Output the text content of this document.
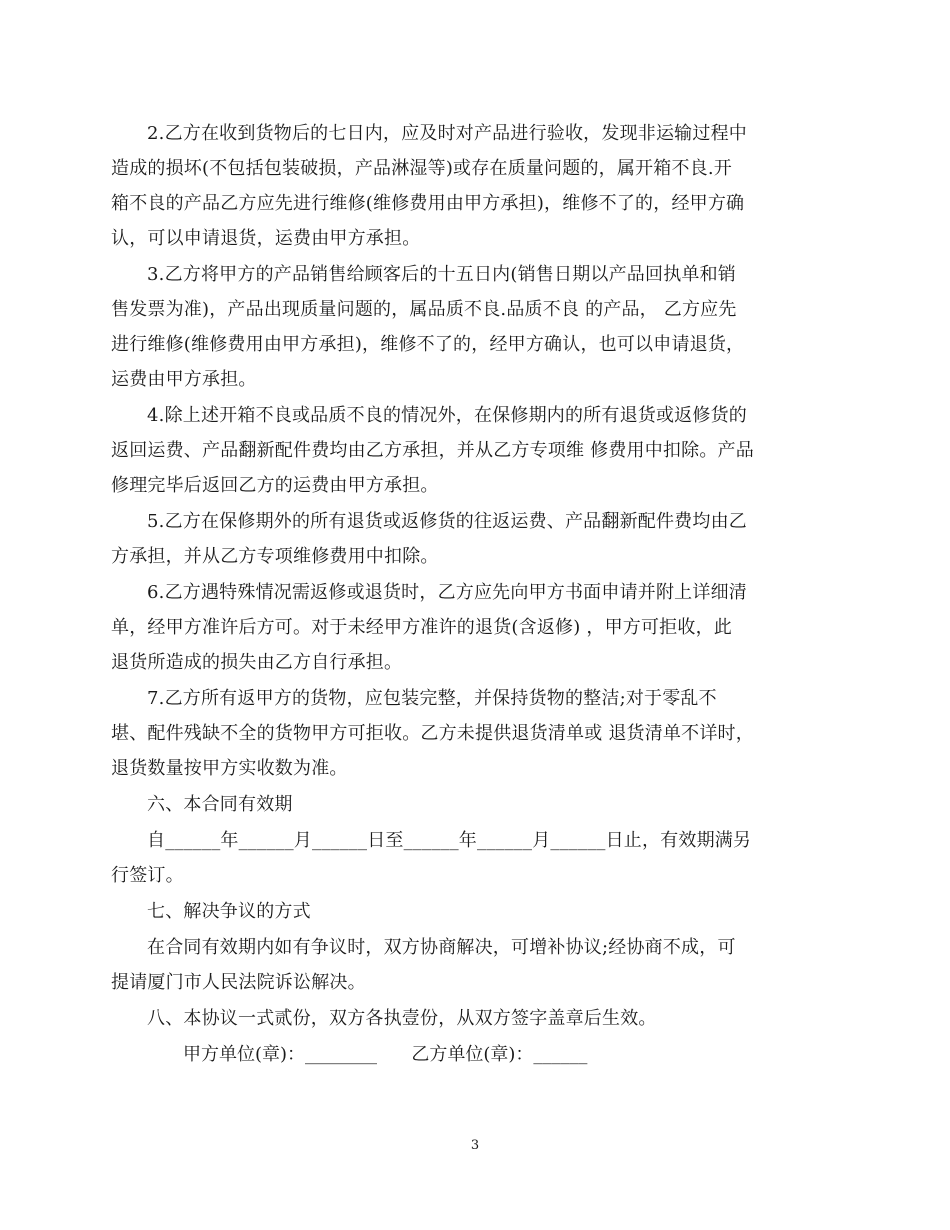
2.乙方在收到货物后的七日内，应及时对产品进行验收，发现非运输过程中
造成的损坏(不包括包装破损，产品淋湿等)或存在质量问题的，属开箱不良.开
箱不良的产品乙方应先进行维修(维修费用由甲方承担)，维修不了的，经甲方确
认，可以申请退货，运费由甲方承担。
3.乙方将甲方的产品销售给顾客后的十五日内(销售日期以产品回执单和销
售发票为准)，产品出现质量问题的，属品质不良.品质不良 的产品， 乙方应先
进行维修(维修费用由甲方承担)，维修不了的，经甲方确认，也可以申请退货，
运费由甲方承担。
4.除上述开箱不良或品质不良的情况外，在保修期内的所有退货或返修货的
返回运费、产品翻新配件费均由乙方承担，并从乙方专项维 修费用中扣除。产品
修理完毕后返回乙方的运费由甲方承担。
5.乙方在保修期外的所有退货或返修货的往返运费、产品翻新配件费均由乙
方承担，并从乙方专项维修费用中扣除。
6.乙方遇特殊情况需返修或退货时，乙方应先向甲方书面申请并附上详细清
单，经甲方准许后方可。对于未经甲方准许的退货(含返修) ，甲方可拒收，此
退货所造成的损失由乙方自行承担。
7.乙方所有返甲方的货物，应包装完整，并保持货物的整洁;对于零乱不
堪、配件残缺不全的货物甲方可拒收。乙方未提供退货清单或 退货清单不详时，
退货数量按甲方实收数为准。
六、本合同有效期
自______年______月______日至______年______月______日止，有效期满另
行签订。
七、解决争议的方式
在合同有效期内如有争议时，双方协商解决，可增补协议;经协商不成，可
提请厦门市人民法院诉讼解决。
八、本协议一式贰份，双方各执壹份，从双方签字盖章后生效。
甲方单位(章)：________      乙方单位(章)：______
3
